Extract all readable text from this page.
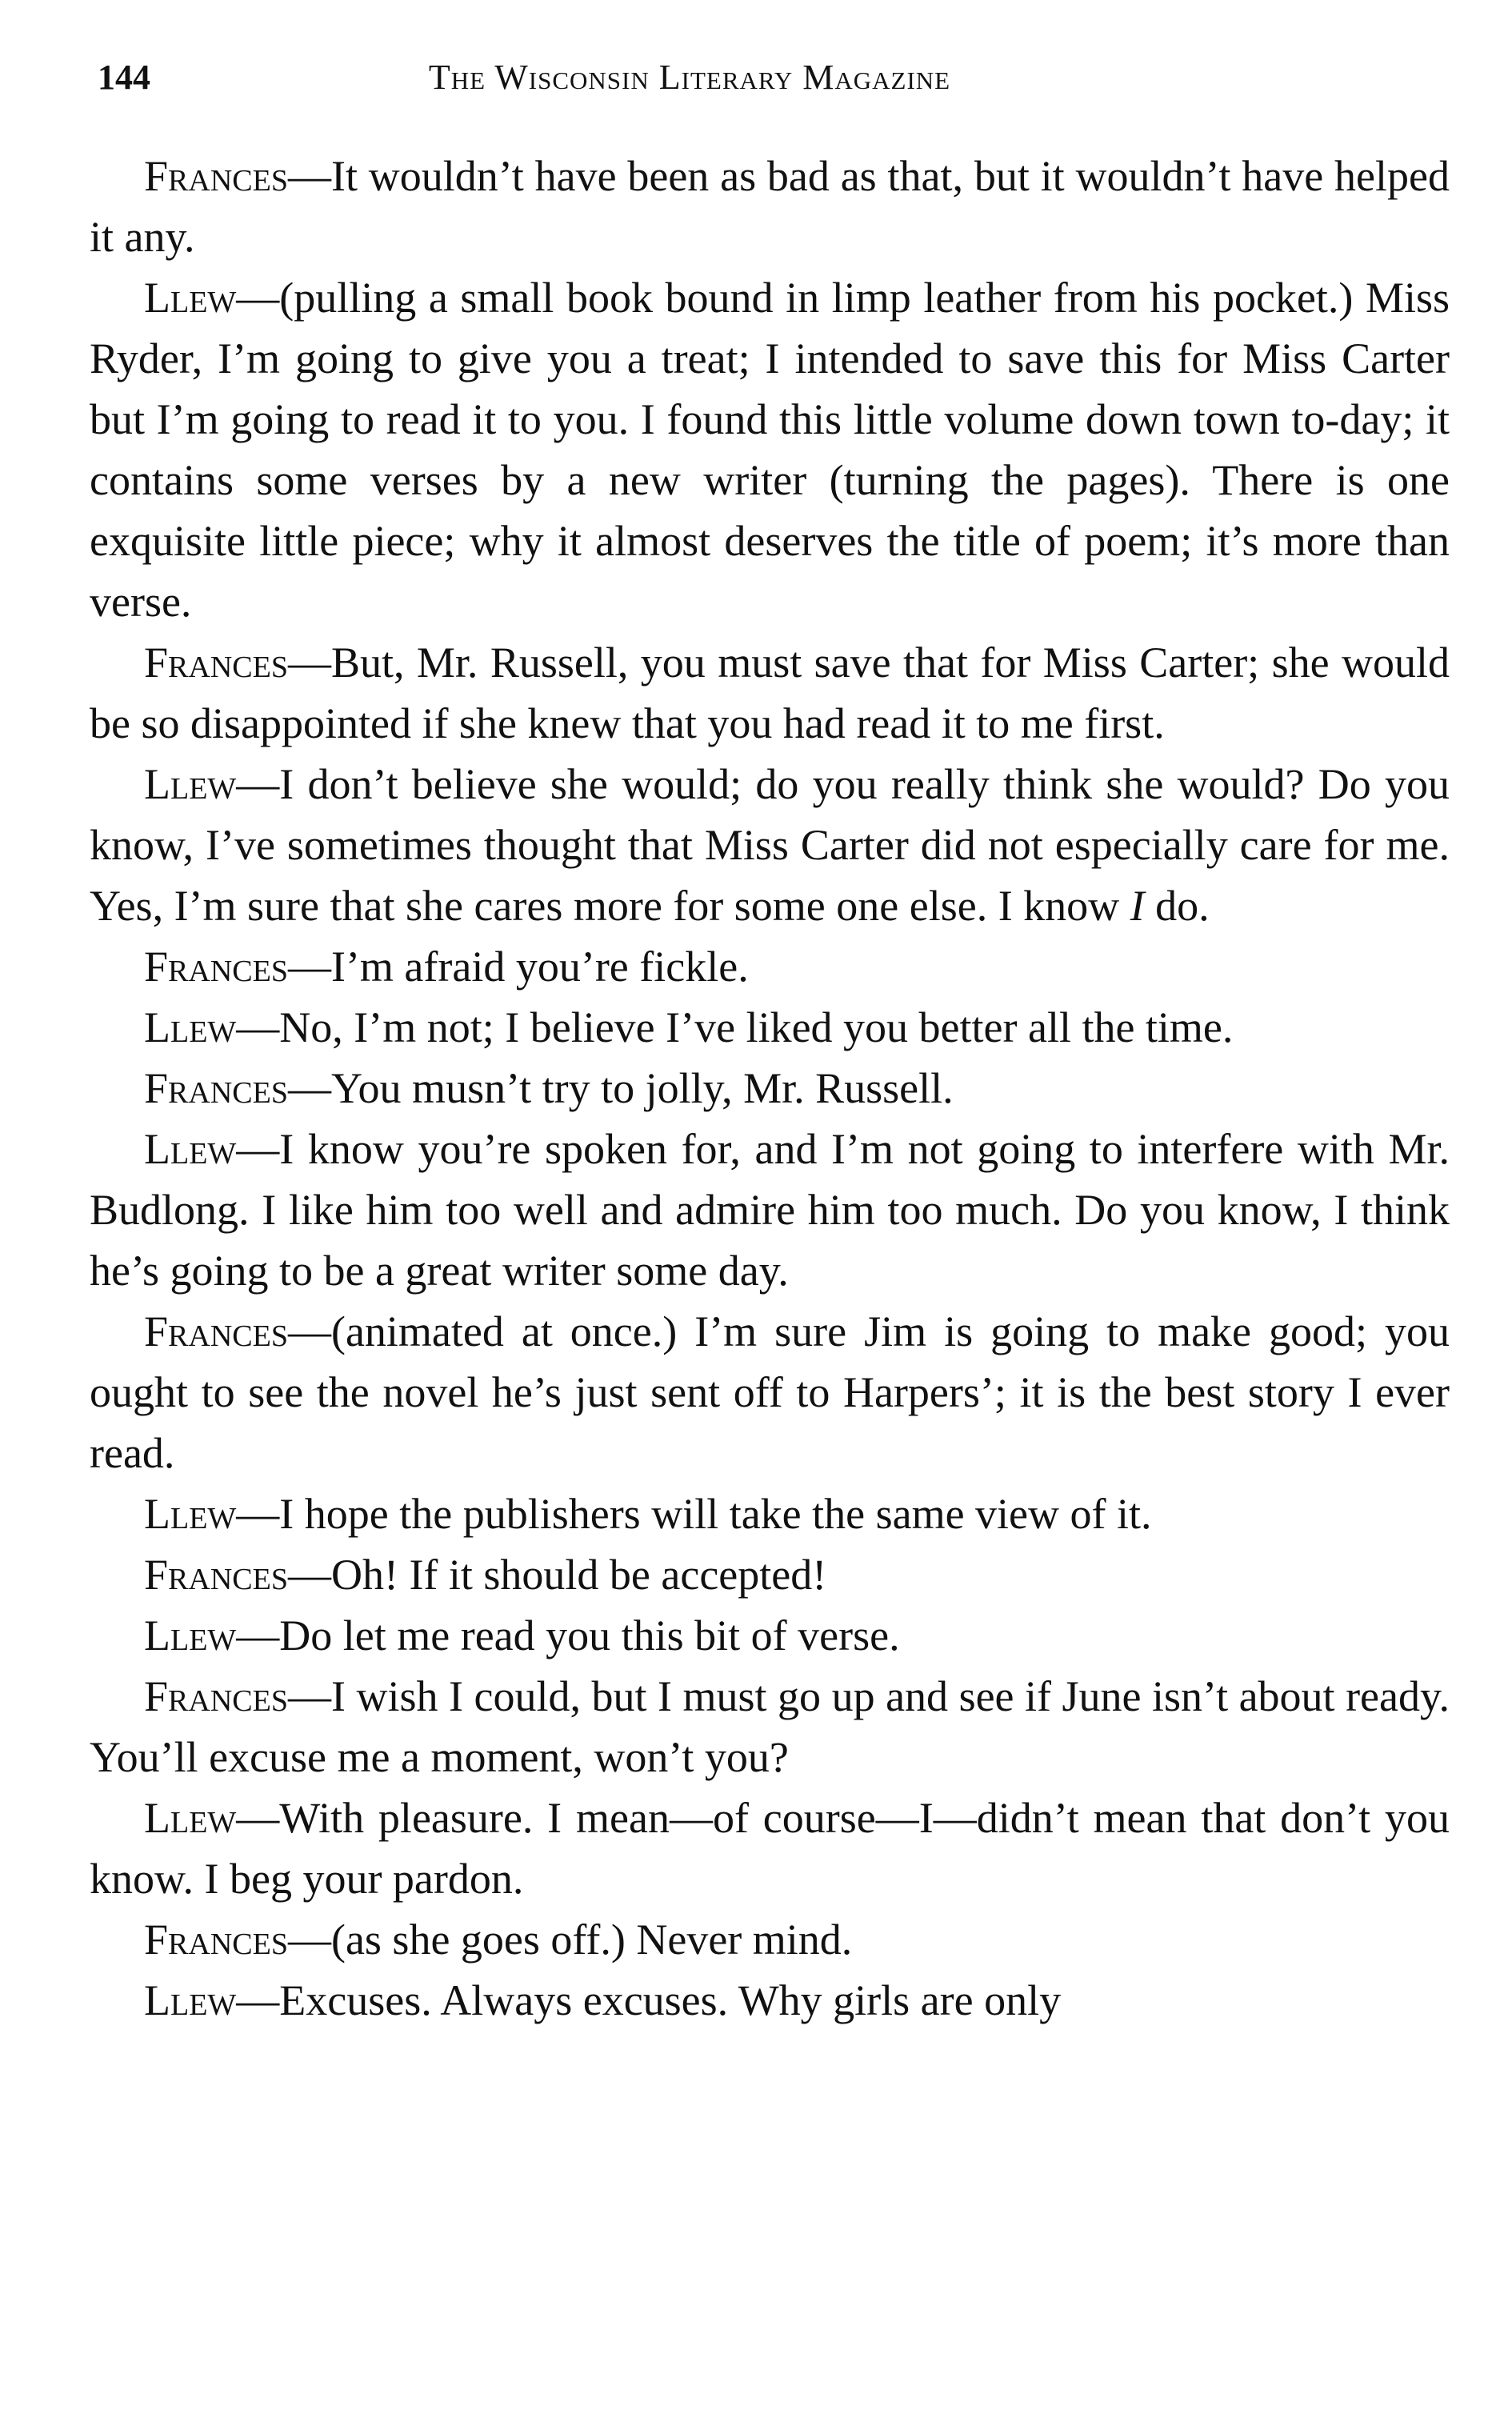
144	The Wisconsin Literary Magazine

Frances—It wouldn’t have been as bad as that, but it wouldn’t have helped it any.

Llew—(pulling a small book bound in limp leather from his pocket.) Miss Ryder, I’m going to give you a treat; I intended to save this for Miss Carter but I’m going to read it to you. I found this little volume down town to-day; it contains some verses by a new writer (turning the pages). There is one exquisite little piece; why it almost deserves the title of poem; it’s more than verse.

Frances—But, Mr. Russell, you must save that for Miss Carter; she would be so disappointed if she knew that you had read it to me first.

Llew—I don’t believe she would; do you really think she would? Do you know, I’ve sometimes thought that Miss Carter did not especially care for me. Yes, I’m sure that she cares more for some one else. I know I do.

Frances—I’m afraid you’re fickle.

Llew—No, I’m not; I believe I’ve liked you better all the time.

Frances—You musn’t try to jolly, Mr. Russell.

Llew—I know you’re spoken for, and I’m not going to interfere with Mr. Budlong. I like him too well and admire him too much. Do you know, I think he’s going to be a great writer some day.

Frances—(animated at once.) I’m sure Jim is going to make good; you ought to see the novel he’s just sent off to Harpers’; it is the best story I ever read.

Llew—I hope the publishers will take the same view of it.

Frances—Oh! If it should be accepted!

Llew—Do let me read you this bit of verse.

Frances—I wish I could, but I must go up and see if June isn’t about ready. You’ll excuse me a moment, won’t you?

Llew—With pleasure. I mean—of course—I—didn’t mean that don’t you know. I beg your pardon.

Frances—(as she goes off.) Never mind.

Llew—Excuses. Always excuses. Why girls are only
